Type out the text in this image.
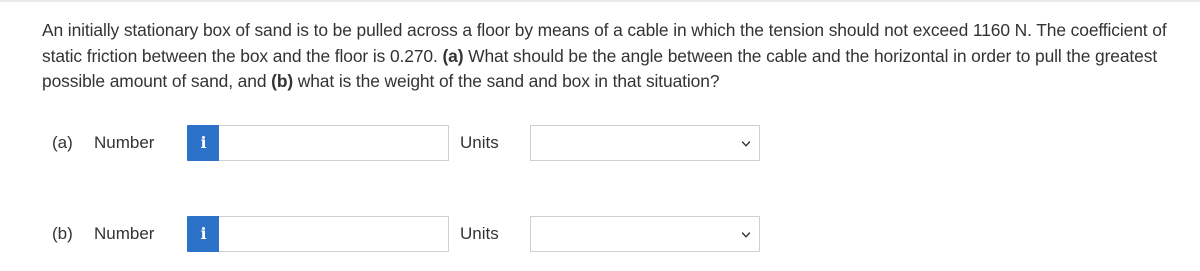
An initially stationary box of sand is to be pulled across a floor by means of a cable in which the tension should not exceed 1160 N. The coefficient of static friction between the box and the floor is 0.270. (a) What should be the angle between the cable and the horizontal in order to pull the greatest possible amount of sand, and (b) what is the weight of the sand and box in that situation?
(a) Number	i	Units
(b) Number	i	Units
